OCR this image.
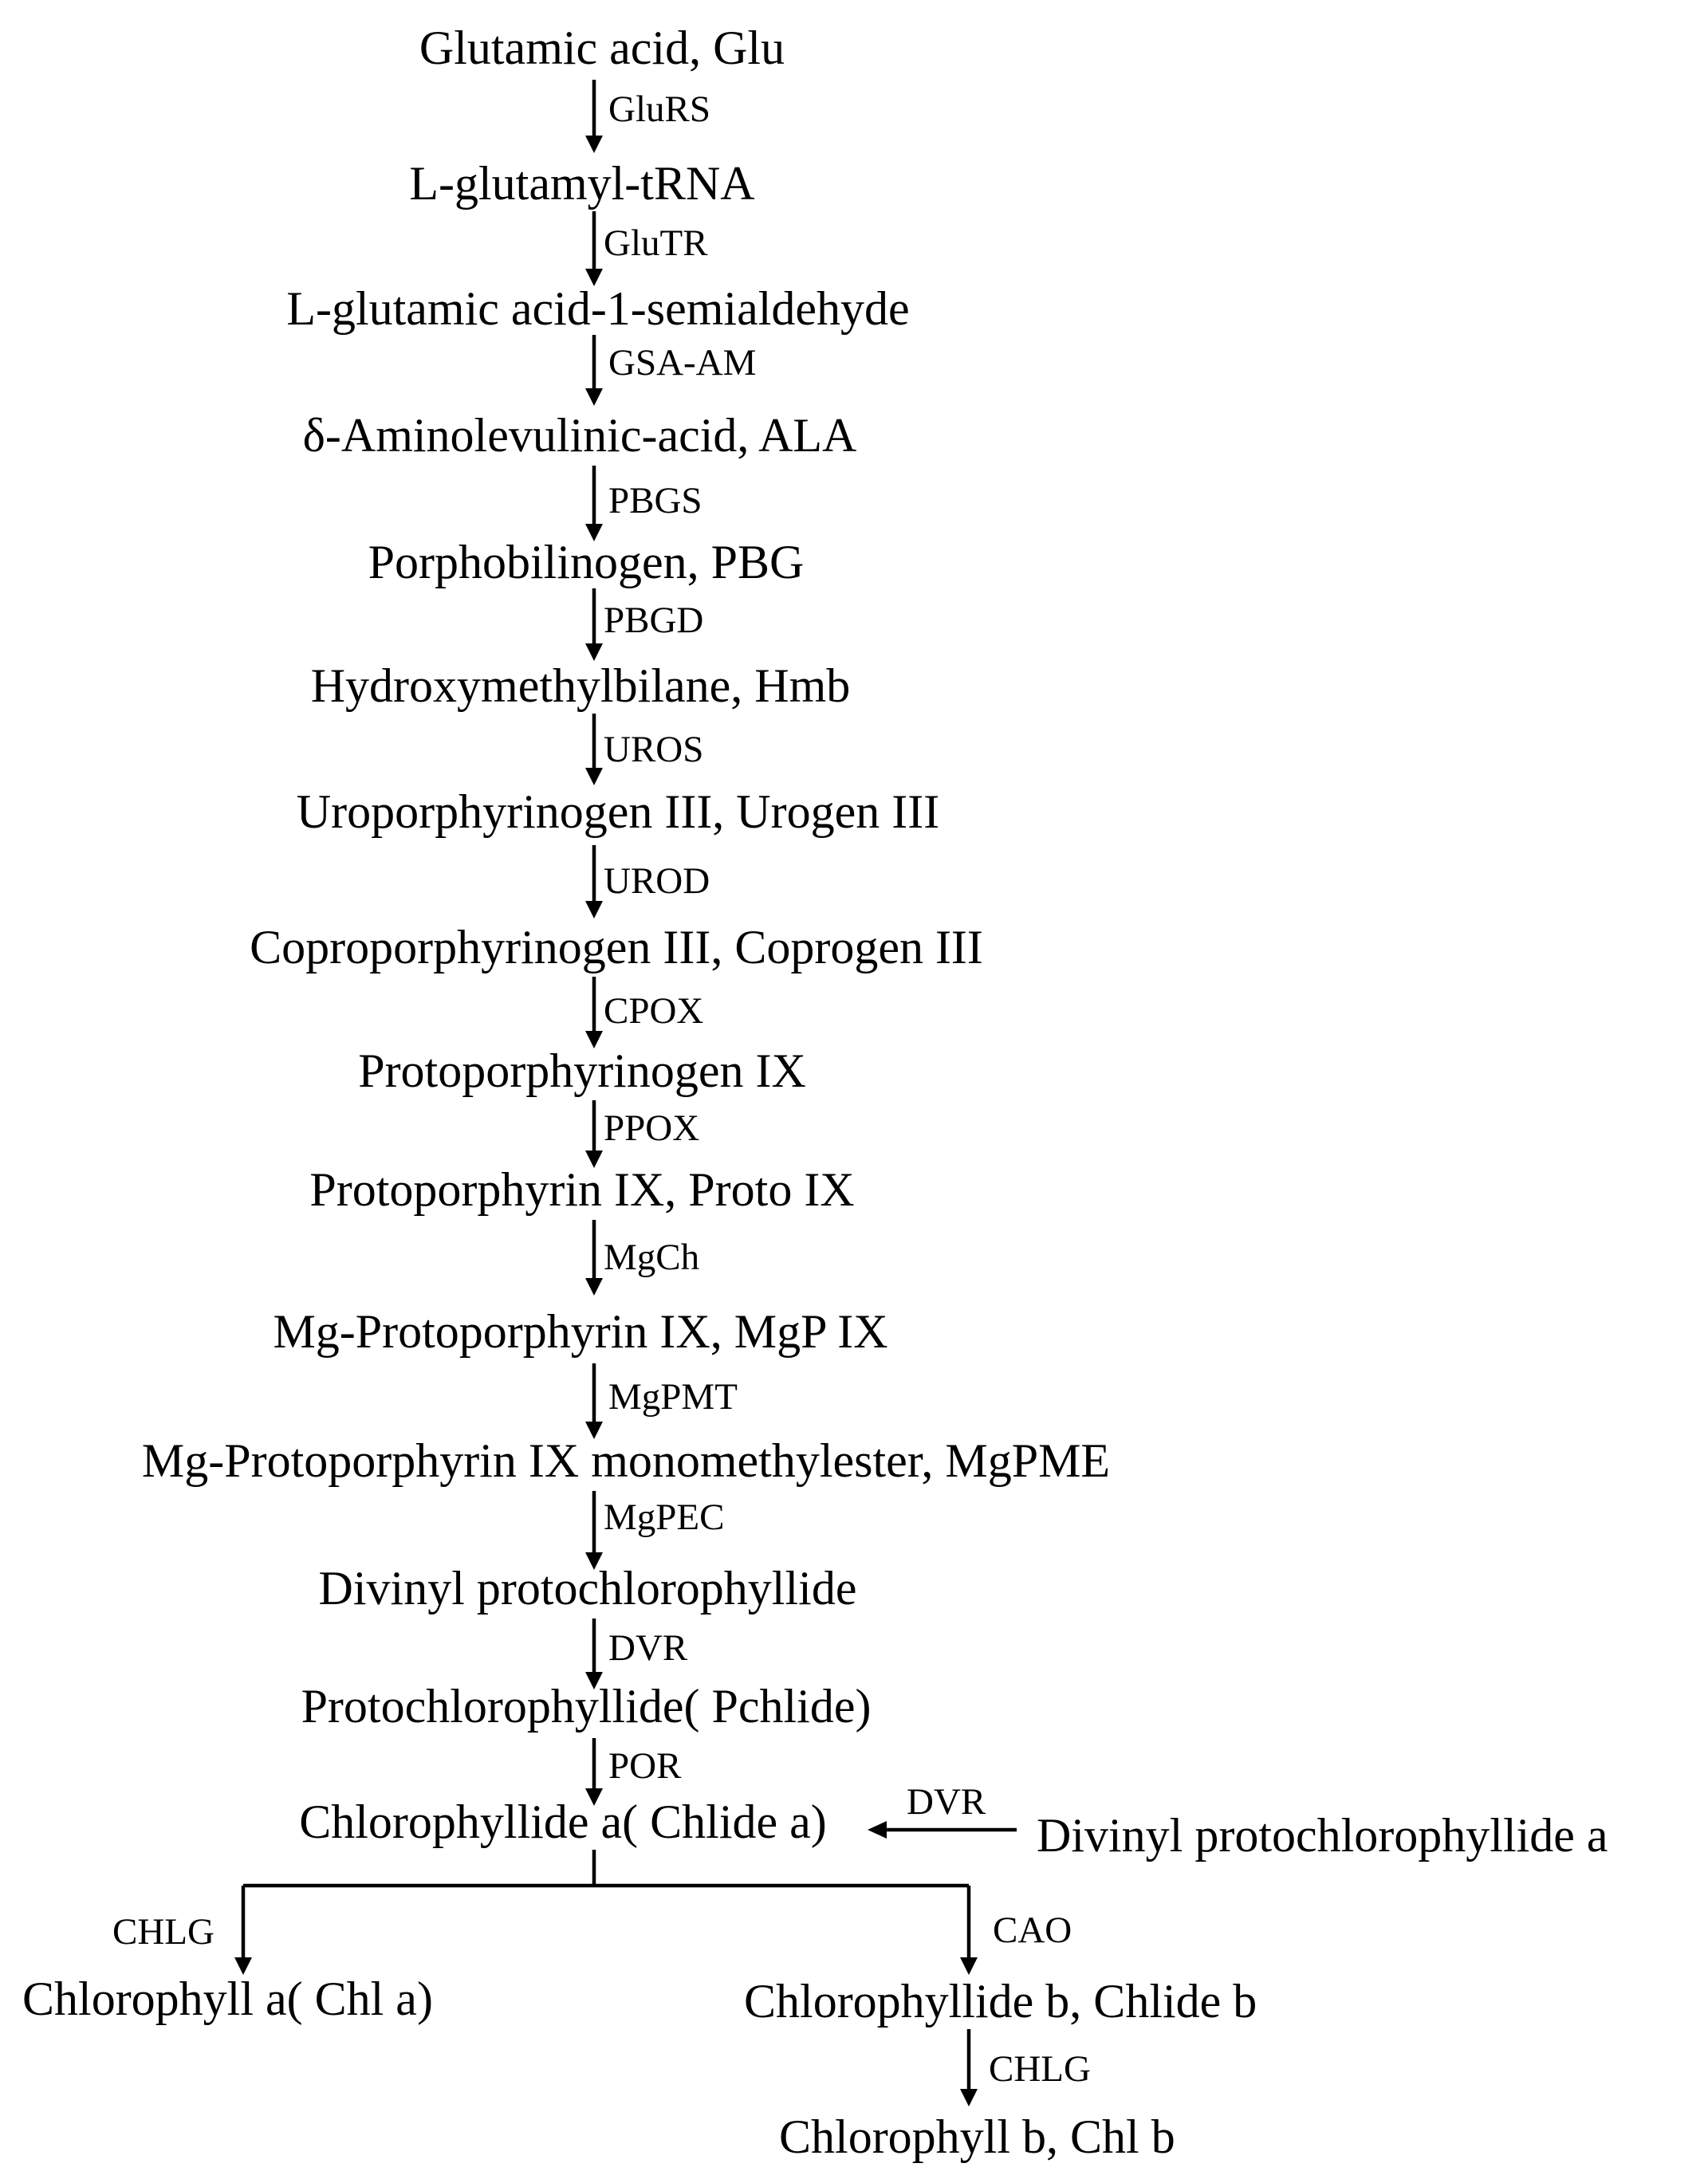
GluRS
GluTR
GSA-AM
PBGS
PBGD
UROS
UROD
CPOX
PPOX
MgCh
MgPMT
MgPEC
DVR
POR
DVR
CHLG	CAO
CHLG
Glutamic acid, Glu
L-glutamyl-tRNA
L-glutamic acid-1-semialdehyde
δ-Aminolevulinic-acid, ALA
Porphobilinogen, PBG
Hydroxymethylbilane, Hmb
Uroporphyrinogen III, Urogen III
Coproporphyrinogen III, Coprogen III
Protoporphyrinogen IX
Protoporphyrin IX, Proto IX
Mg-Protoporphyrin IX, MgP IX
Mg-Protoporphyrin IX monomethylester, MgPME
Divinyl protochlorophyllide
Protochlorophyllide( Pchlide)
Chlorophyllide a( Chlide a)	Divinyl protochlorophyllide a
Chlorophyll a( Chl a)	Chlorophyllide b, Chlide b
Chlorophyll b, Chl b
